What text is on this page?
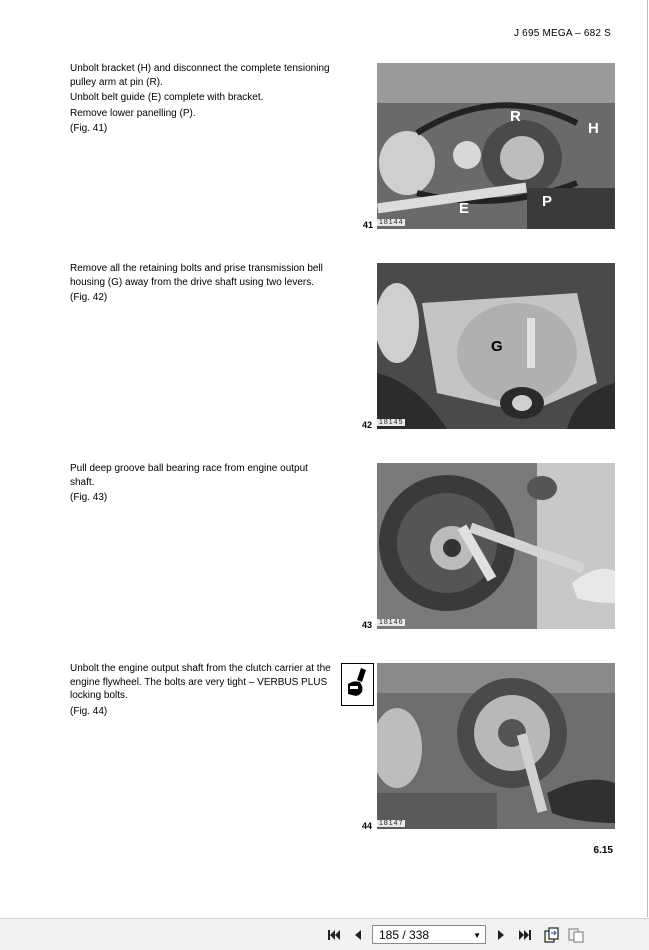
J 695 MEGA – 682 S

Unbolt bracket (H) and disconnect the complete tensioning pulley arm at pin (R).

Unbolt belt guide (E) complete with bracket.

Remove lower panelling (P).

(Fig. 41)

R
H
E	P
41 18144

Remove all the retaining bolts and prise transmission bell housing (G) away from the drive shaft using two levers.

(Fig. 42)

G
42 18145

Pull deep groove ball bearing race from engine output shaft.

(Fig. 43)

43 18146

Unbolt the engine output shaft from the clutch carrier at the engine flywheel. The bolts are very tight – VERBUS PLUS locking bolts.

(Fig. 44)

44 18147
6.15
185 / 338	▼
